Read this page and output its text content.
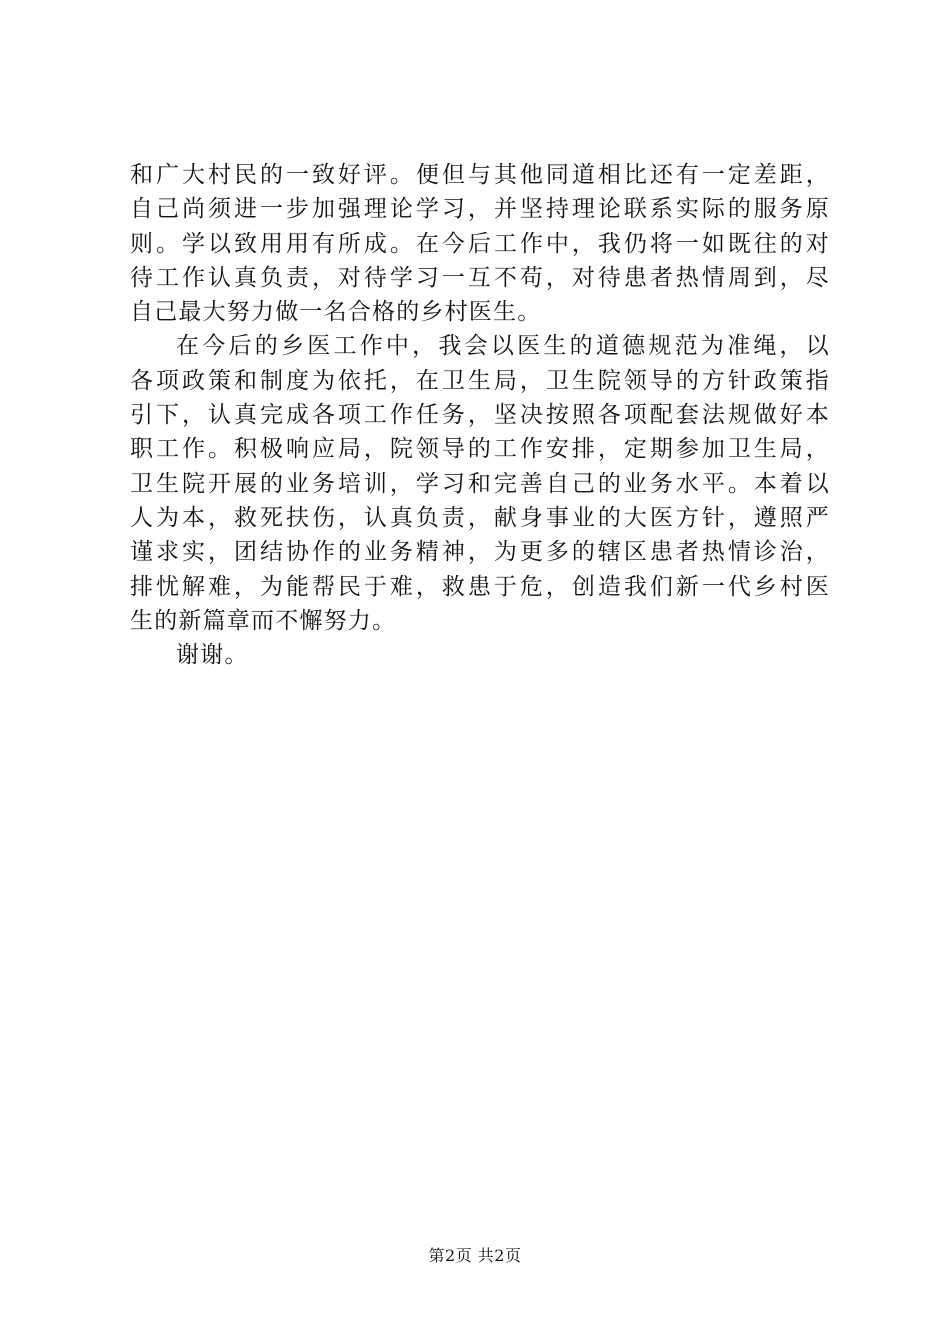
和广大村民的一致好评。便但与其他同道相比还有一定差距，
自己尚须进一步加强理论学习，并坚持理论联系实际的服务原
则。学以致用用有所成。在今后工作中，我仍将一如既往的对
待工作认真负责，对待学习一互不苟，对待患者热情周到，尽
自己最大努力做一名合格的乡村医生。
在今后的乡医工作中，我会以医生的道德规范为准绳，以
各项政策和制度为依托，在卫生局，卫生院领导的方针政策指
引下，认真完成各项工作任务，坚决按照各项配套法规做好本
职工作。积极响应局，院领导的工作安排，定期参加卫生局，
卫生院开展的业务培训，学习和完善自己的业务水平。本着以
人为本，救死扶伤，认真负责，献身事业的大医方针，遵照严
谨求实，团结协作的业务精神，为更多的辖区患者热情诊治，
排忧解难，为能帮民于难，救患于危，创造我们新一代乡村医
生的新篇章而不懈努力。
谢谢。
第2页 共2页
